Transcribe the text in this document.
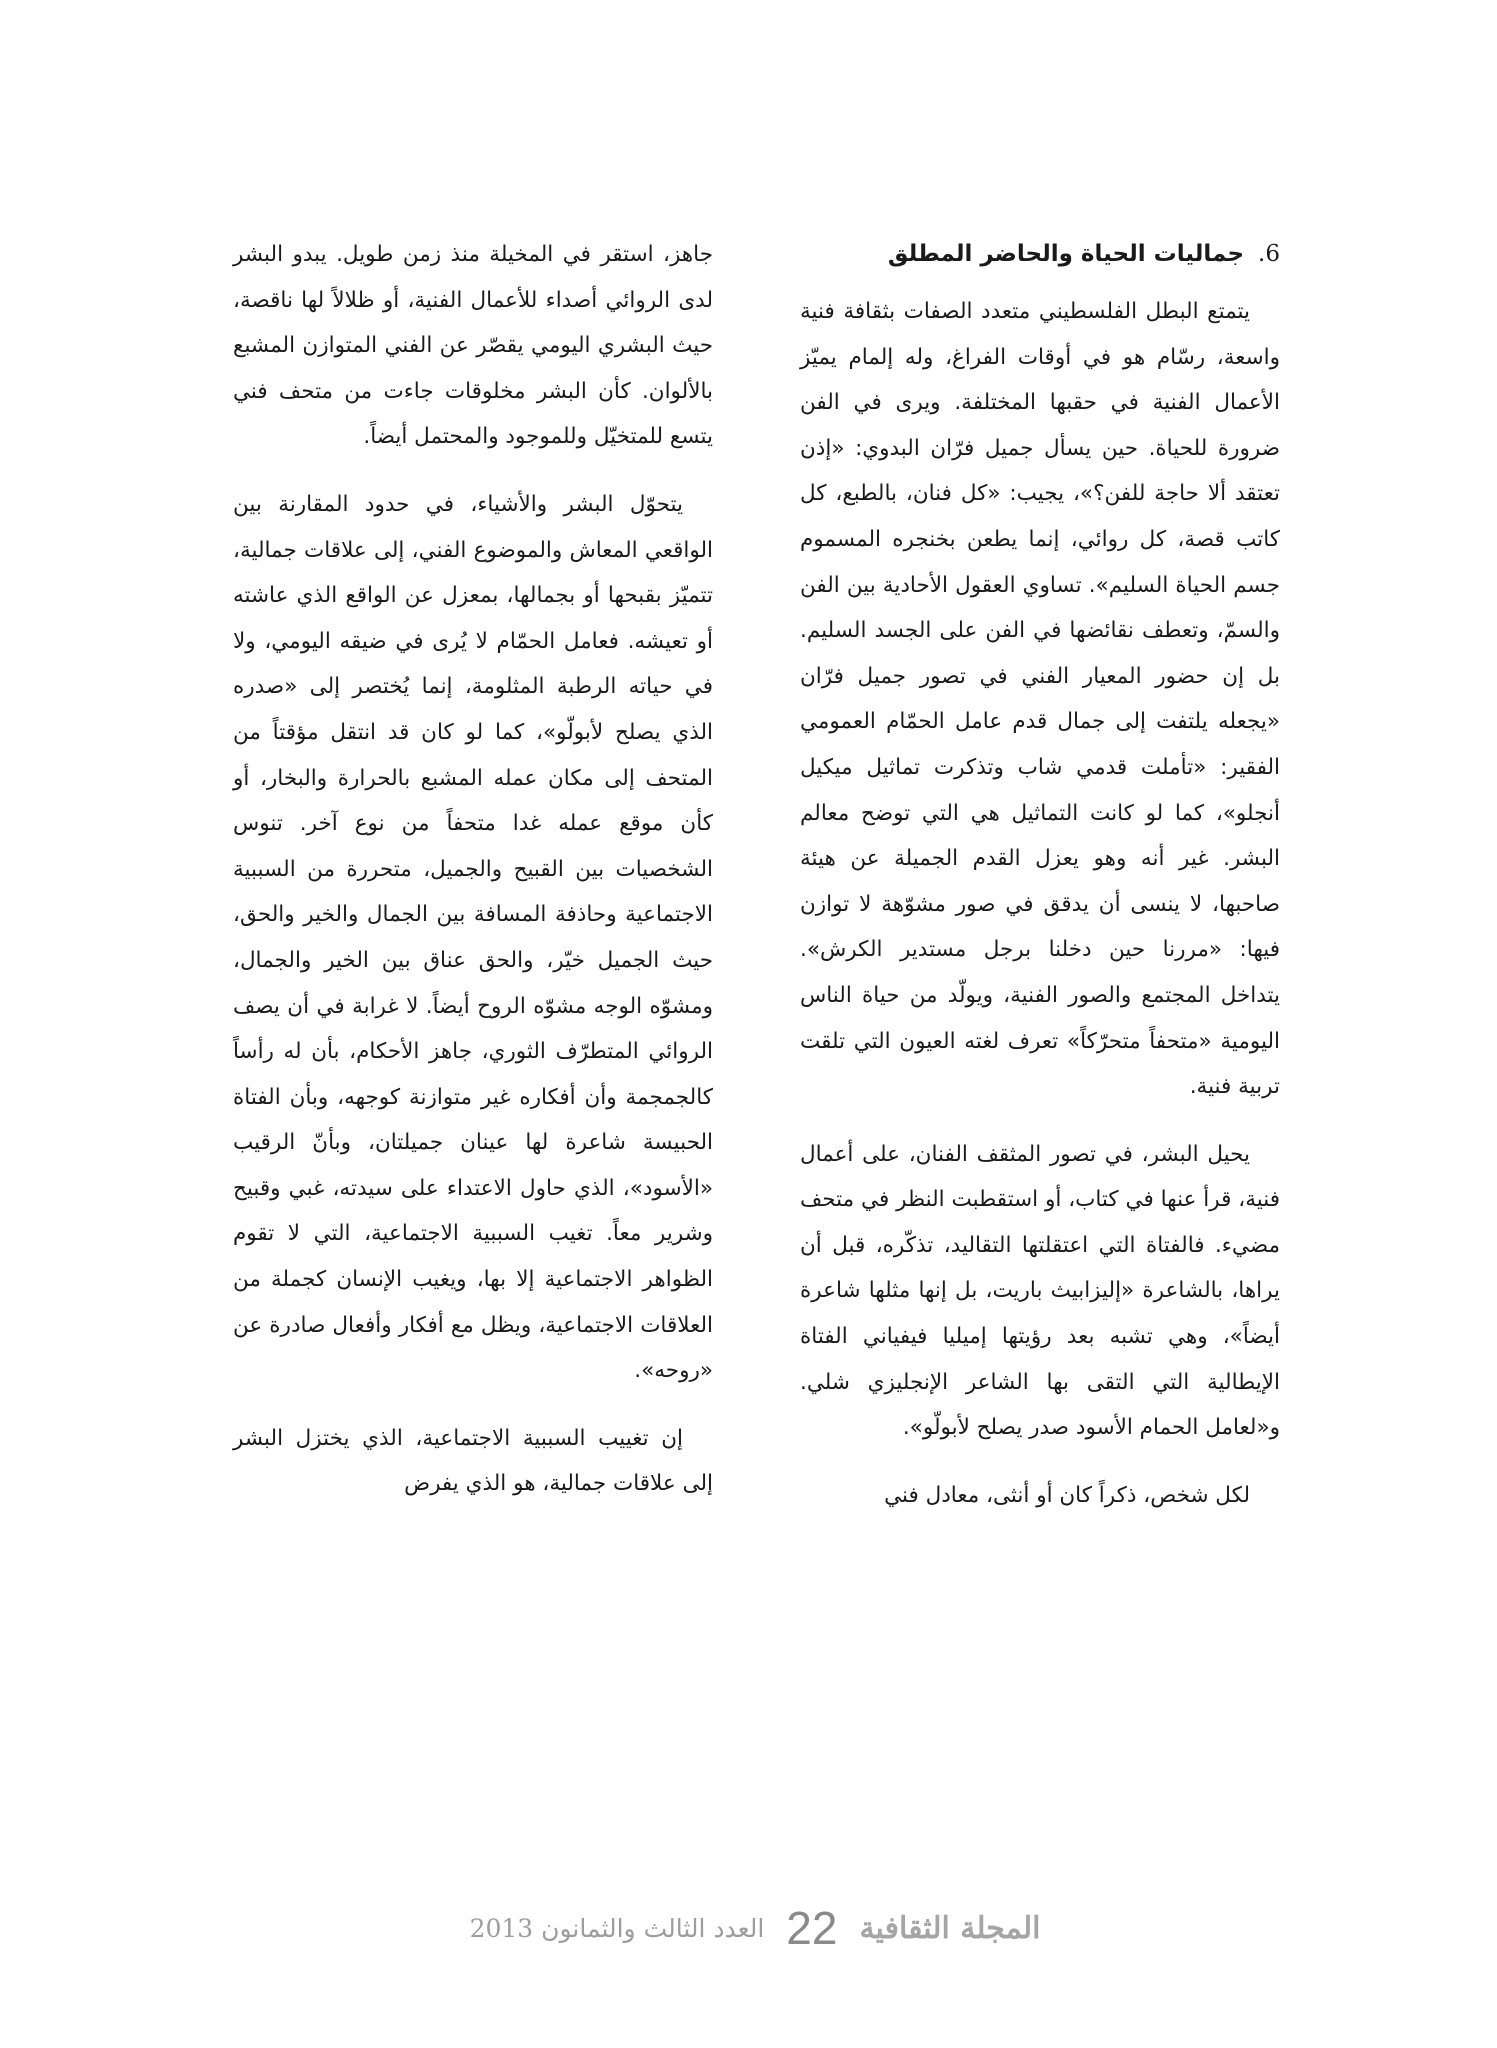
6.جماليات الحياة والحاضر المطلق

يتمتع البطل الفلسطيني متعدد الصفات بثقافة فنية واسعة، رسّام هو في أوقات الفراغ، وله إلمام يميّز الأعمال الفنية في حقبها المختلفة. ويرى في الفن ضرورة للحياة. حين يسأل جميل فرّان البدوي: «إذن تعتقد ألا حاجة للفن؟»، يجيب: «كل فنان، بالطبع، كل كاتب قصة، كل روائي، إنما يطعن بخنجره المسموم جسم الحياة السليم». تساوي العقول الأحادية بين الفن والسمّ، وتعطف نقائضها في الفن على الجسد السليم. بل إن حضور المعيار الفني في تصور جميل فرّان «يجعله يلتفت إلى جمال قدم عامل الحمّام العمومي الفقير: «تأملت قدمي شاب وتذكرت تماثيل ميكيل أنجلو»، كما لو كانت التماثيل هي التي توضح معالم البشر. غير أنه وهو يعزل القدم الجميلة عن هيئة صاحبها، لا ينسى أن يدقق في صور مشوّهة لا توازن فيها: «مررنا حين دخلنا برجل مستدير الكرش». يتداخل المجتمع والصور الفنية، ويولّد من حياة الناس اليومية «متحفاً متحرّكاً» تعرف لغته العيون التي تلقت تربية فنية.

يحيل البشر، في تصور المثقف الفنان، على أعمال فنية، قرأ عنها في كتاب، أو استقطبت النظر في متحف مضيء. فالفتاة التي اعتقلتها التقاليد، تذكّره، قبل أن يراها، بالشاعرة «إليزابيث باريت، بل إنها مثلها شاعرة أيضاً»، وهي تشبه بعد رؤيتها إميليا فيفياني الفتاة الإيطالية التي التقى بها الشاعر الإنجليزي شلي. و«لعامل الحمام الأسود صدر يصلح لأبولّو».

لكل شخص، ذكراً كان أو أنثى، معادل فني

جاهز، استقر في المخيلة منذ زمن طويل. يبدو البشر لدى الروائي أصداء للأعمال الفنية، أو ظلالاً لها ناقصة، حيث البشري اليومي يقصّر عن الفني المتوازن المشبع بالألوان. كأن البشر مخلوقات جاءت من متحف فني يتسع للمتخيّل وللموجود والمحتمل أيضاً.

يتحوّل البشر والأشياء، في حدود المقارنة بين الواقعي المعاش والموضوع الفني، إلى علاقات جمالية، تتميّز بقبحها أو بجمالها، بمعزل عن الواقع الذي عاشته أو تعيشه. فعامل الحمّام لا يُرى في ضيقه اليومي، ولا في حياته الرطبة المثلومة، إنما يُختصر إلى «صدره الذي يصلح لأبولّو»، كما لو كان قد انتقل مؤقتاً من المتحف إلى مكان عمله المشبع بالحرارة والبخار، أو كأن موقع عمله غدا متحفاً من نوع آخر. تنوس الشخصيات بين القبيح والجميل، متحررة من السببية الاجتماعية وحاذفة المسافة بين الجمال والخير والحق، حيث الجميل خيّر، والحق عناق بين الخير والجمال، ومشوّه الوجه مشوّه الروح أيضاً. لا غرابة في أن يصف الروائي المتطرّف الثوري، جاهز الأحكام، بأن له رأساً كالجمجمة وأن أفكاره غير متوازنة كوجهه، وبأن الفتاة الحبيسة شاعرة لها عينان جميلتان، وبأنّ الرقيب «الأسود»، الذي حاول الاعتداء على سيدته، غبي وقبيح وشرير معاً. تغيب السببية الاجتماعية، التي لا تقوم الظواهر الاجتماعية إلا بها، ويغيب الإنسان كجملة من العلاقات الاجتماعية، ويظل مع أفكار وأفعال صادرة عن «روحه».

إن تغييب السببية الاجتماعية، الذي يختزل البشر إلى علاقات جمالية، هو الذي يفرض

المجلة الثقافية
22
العدد الثالث والثمانون 2013
